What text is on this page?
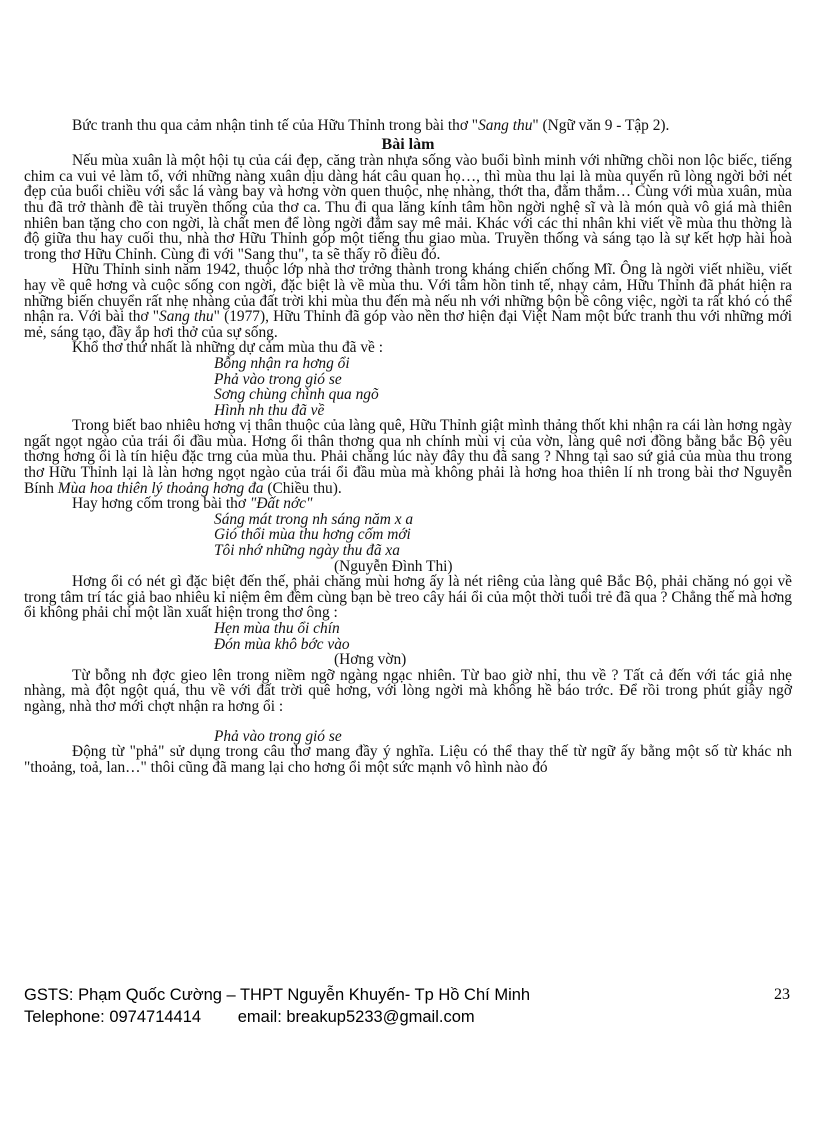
Bức tranh thu qua cảm nhận tinh tế của Hữu Thỉnh trong bài thơ "Sang thu" (Ngữ văn 9 - Tập 2).

Bài làm

Nếu mùa xuân là một hội tụ của cái đẹp, căng tràn nhựa sống vào buổi bình minh với những chồi non lộc biếc, tiếng chim ca vui vẻ làm tổ, với những nàng xuân dịu dàng hát câu quan họ…, thì mùa thu lại là mùa quyến rũ lòng ngời bởi nét đẹp của buổi chiều với sắc lá vàng bay và hơng vờn quen thuộc, nhẹ nhàng, thớt tha, đằm thắm… Cùng với mùa xuân, mùa thu đã trở thành đề tài truyền thống của thơ ca. Thu đi qua lăng kính tâm hồn ngời nghệ sĩ và là món quà vô giá mà thiên nhiên ban tặng cho con ngời, là chất men để lòng ngời đắm say mê mải. Khác với các thi nhân khi viết về mùa thu thờng là độ giữa thu hay cuối thu, nhà thơ Hữu Thỉnh góp một tiếng thu giao mùa. Truyền thống và sáng tạo là sự kết hợp hài hoà trong thơ Hữu Chỉnh. Cùng đi với "Sang thu", ta sẽ thấy rõ điều đó.

Hữu Thỉnh sinh năm 1942, thuộc lớp nhà thơ trởng thành trong kháng chiến chống Mĩ. Ông là ngời viết nhiều, viết hay về quê hơng và cuộc sống con ngời, đặc biệt là về mùa thu. Với tâm hồn tinh tế, nhạy cảm, Hữu Thỉnh đã phát hiện ra những biến chuyển rất nhẹ nhàng của đất trời khi mùa thu đến mà nếu nh với những bộn bề công việc, ngời ta rất khó có thể nhận ra. Với bài thơ "Sang thu" (1977), Hữu Thỉnh đã góp vào nền thơ hiện đại Việt Nam một bức tranh thu với những mới mẻ, sáng tạo, đầy ắp hơi thở của sự sống.

Khổ thơ thứ nhất là những dự cảm mùa thu đã về :

Bỗng nhận ra hơng ổi
Phả vào trong gió se
Sơng chùng chình qua ngõ
Hình nh thu đã về

Trong biết bao nhiêu hơng vị thân thuộc của làng quê, Hữu Thỉnh giật mình thảng thốt khi nhận ra cái làn hơng ngày ngất ngọt ngào của trái ổi đầu mùa. Hơng ổi thân thơng qua nh chính mùi vị của vờn, làng quê nơi đồng bằng bắc Bộ yêu thơng hơng ổi là tín hiệu đặc trng của mùa thu. Phải chăng lúc này đây thu đã sang ? Nhng tại sao sứ giả của mùa thu trong thơ Hữu Thỉnh lại là làn hơng ngọt ngào của trái ổi đầu mùa mà không phải là hơng hoa thiên lí nh trong bài thơ Nguyễn Bính Mùa hoa thiên lý thoảng hơng đa (Chiều thu).

Hay hơng cốm trong bài thơ "Đất nớc"

Sáng mát trong nh sáng năm x a
Gió thổi mùa thu hơng cốm mới
Tôi nhớ những ngày thu đã xa
(Nguyễn Đình Thi)

Hơng ổi có nét gì đặc biệt đến thế, phải chăng mùi hơng ấy là nét riêng của làng quê Bắc Bộ, phải chăng nó gọi về trong tâm trí tác giả bao nhiêu kỉ niệm êm đềm cùng bạn bè treo cây hái ổi của một thời tuổi trẻ đã qua ? Chẳng thế mà hơng ổi không phải chỉ một lần xuất hiện trong thơ ông :

Hẹn mùa thu ổi chín
Đón mùa khô bớc vào
(Hơng vờn)

Từ bỗng nh đợc gieo lên trong niềm ngỡ ngàng ngạc nhiên. Từ bao giờ nhỉ, thu về ? Tất cả đến với tác giả nhẹ nhàng, mà đột ngột quá, thu về với đất trời quê hơng, với lòng ngời mà không hề báo trớc. Để rồi trong phút giây ngỡ ngàng, nhà thơ mới chợt nhận ra hơng ổi :

Phả vào trong gió se

Động từ "phả" sử dụng trong câu thơ mang đầy ý nghĩa. Liệu có thể thay thế từ ngữ ấy bằng một số từ khác nh "thoảng, toả, lan…" thôi cũng đã mang lại cho hơng ổi một sức mạnh vô hình nào đó

GSTS: Phạm Quốc Cường – THPT Nguyễn Khuyến- Tp Hồ Chí Minh
Telephone: 0974714414        email: breakup5233@gmail.com
23
